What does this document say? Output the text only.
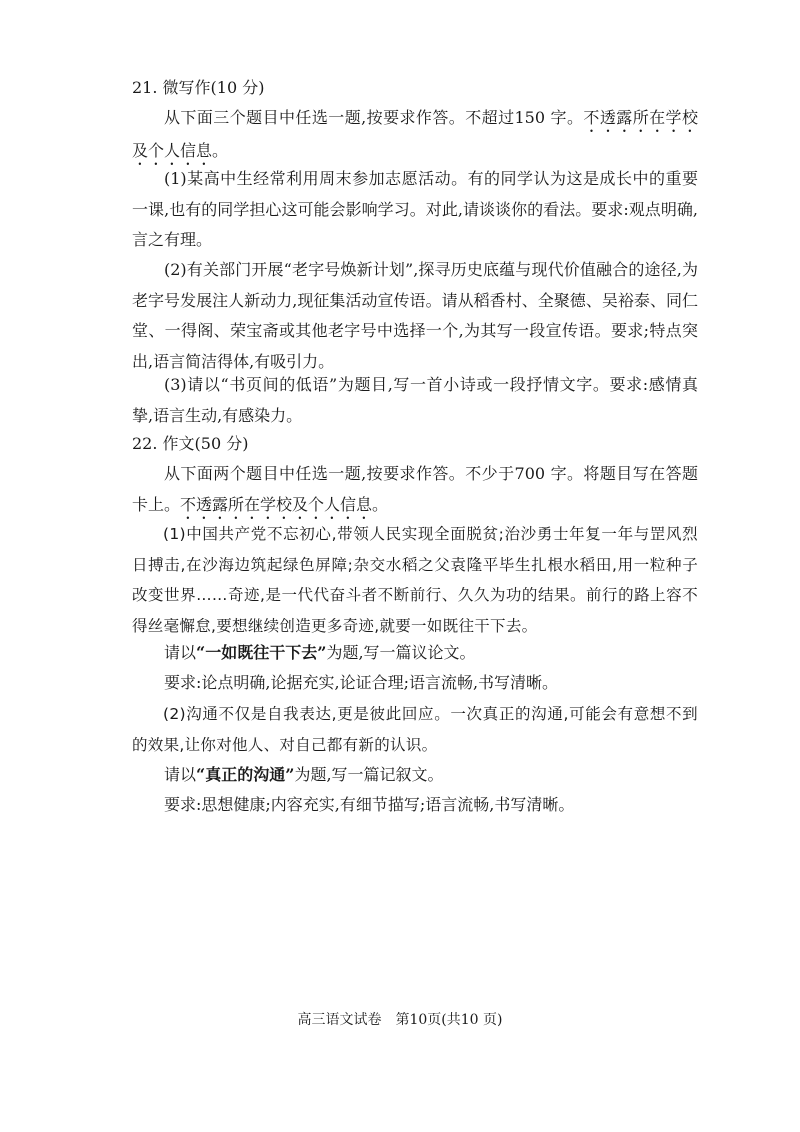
21. 微写作(10 分)

从下面三个题目中任选一题,按要求作答。不超过150 字。不透露所在学校及个人信息。

(1)某高中生经常利用周末参加志愿活动。有的同学认为这是成长中的重要一课,也有的同学担心这可能会影响学习。对此,请谈谈你的看法。要求:观点明确,言之有理。

(2)有关部门开展“老字号焕新计划”,探寻历史底蕴与现代价值融合的途径,为老字号发展注人新动力,现征集活动宣传语。请从稻香村、全聚德、吴裕泰、同仁堂、一得阁、荣宝斋或其他老字号中选择一个,为其写一段宣传语。要求;特点突出,语言简洁得体,有吸引力。

(3)请以“书页间的低语”为题目,写一首小诗或一段抒情文字。要求:感情真挚,语言生动,有感染力。

22. 作文(50 分)

从下面两个题目中任选一题,按要求作答。不少于700 字。将题目写在答题卡上。不透露所在学校及个人信息。

(1)中国共产党不忘初心,带领人民实现全面脱贫;治沙勇士年复一年与罡风烈日搏击,在沙海边筑起绿色屏障;杂交水稻之父袁隆平毕生扎根水稻田,用一粒种子改变世界……奇迹,是一代代奋斗者不断前行、久久为功的结果。前行的路上容不得丝毫懈怠,要想继续创造更多奇迹,就要一如既往干下去。

请以“一如既往干下去”为题,写一篇议论文。

要求:论点明确,论据充实,论证合理;语言流畅,书写清晰。

(2)沟通不仅是自我表达,更是彼此回应。一次真正的沟通,可能会有意想不到的效果,让你对他人、对自己都有新的认识。

请以“真正的沟通”为题,写一篇记叙文。

要求:思想健康;内容充实,有细节描写;语言流畅,书写清晰。

高三语文试卷　第10页(共10 页)
